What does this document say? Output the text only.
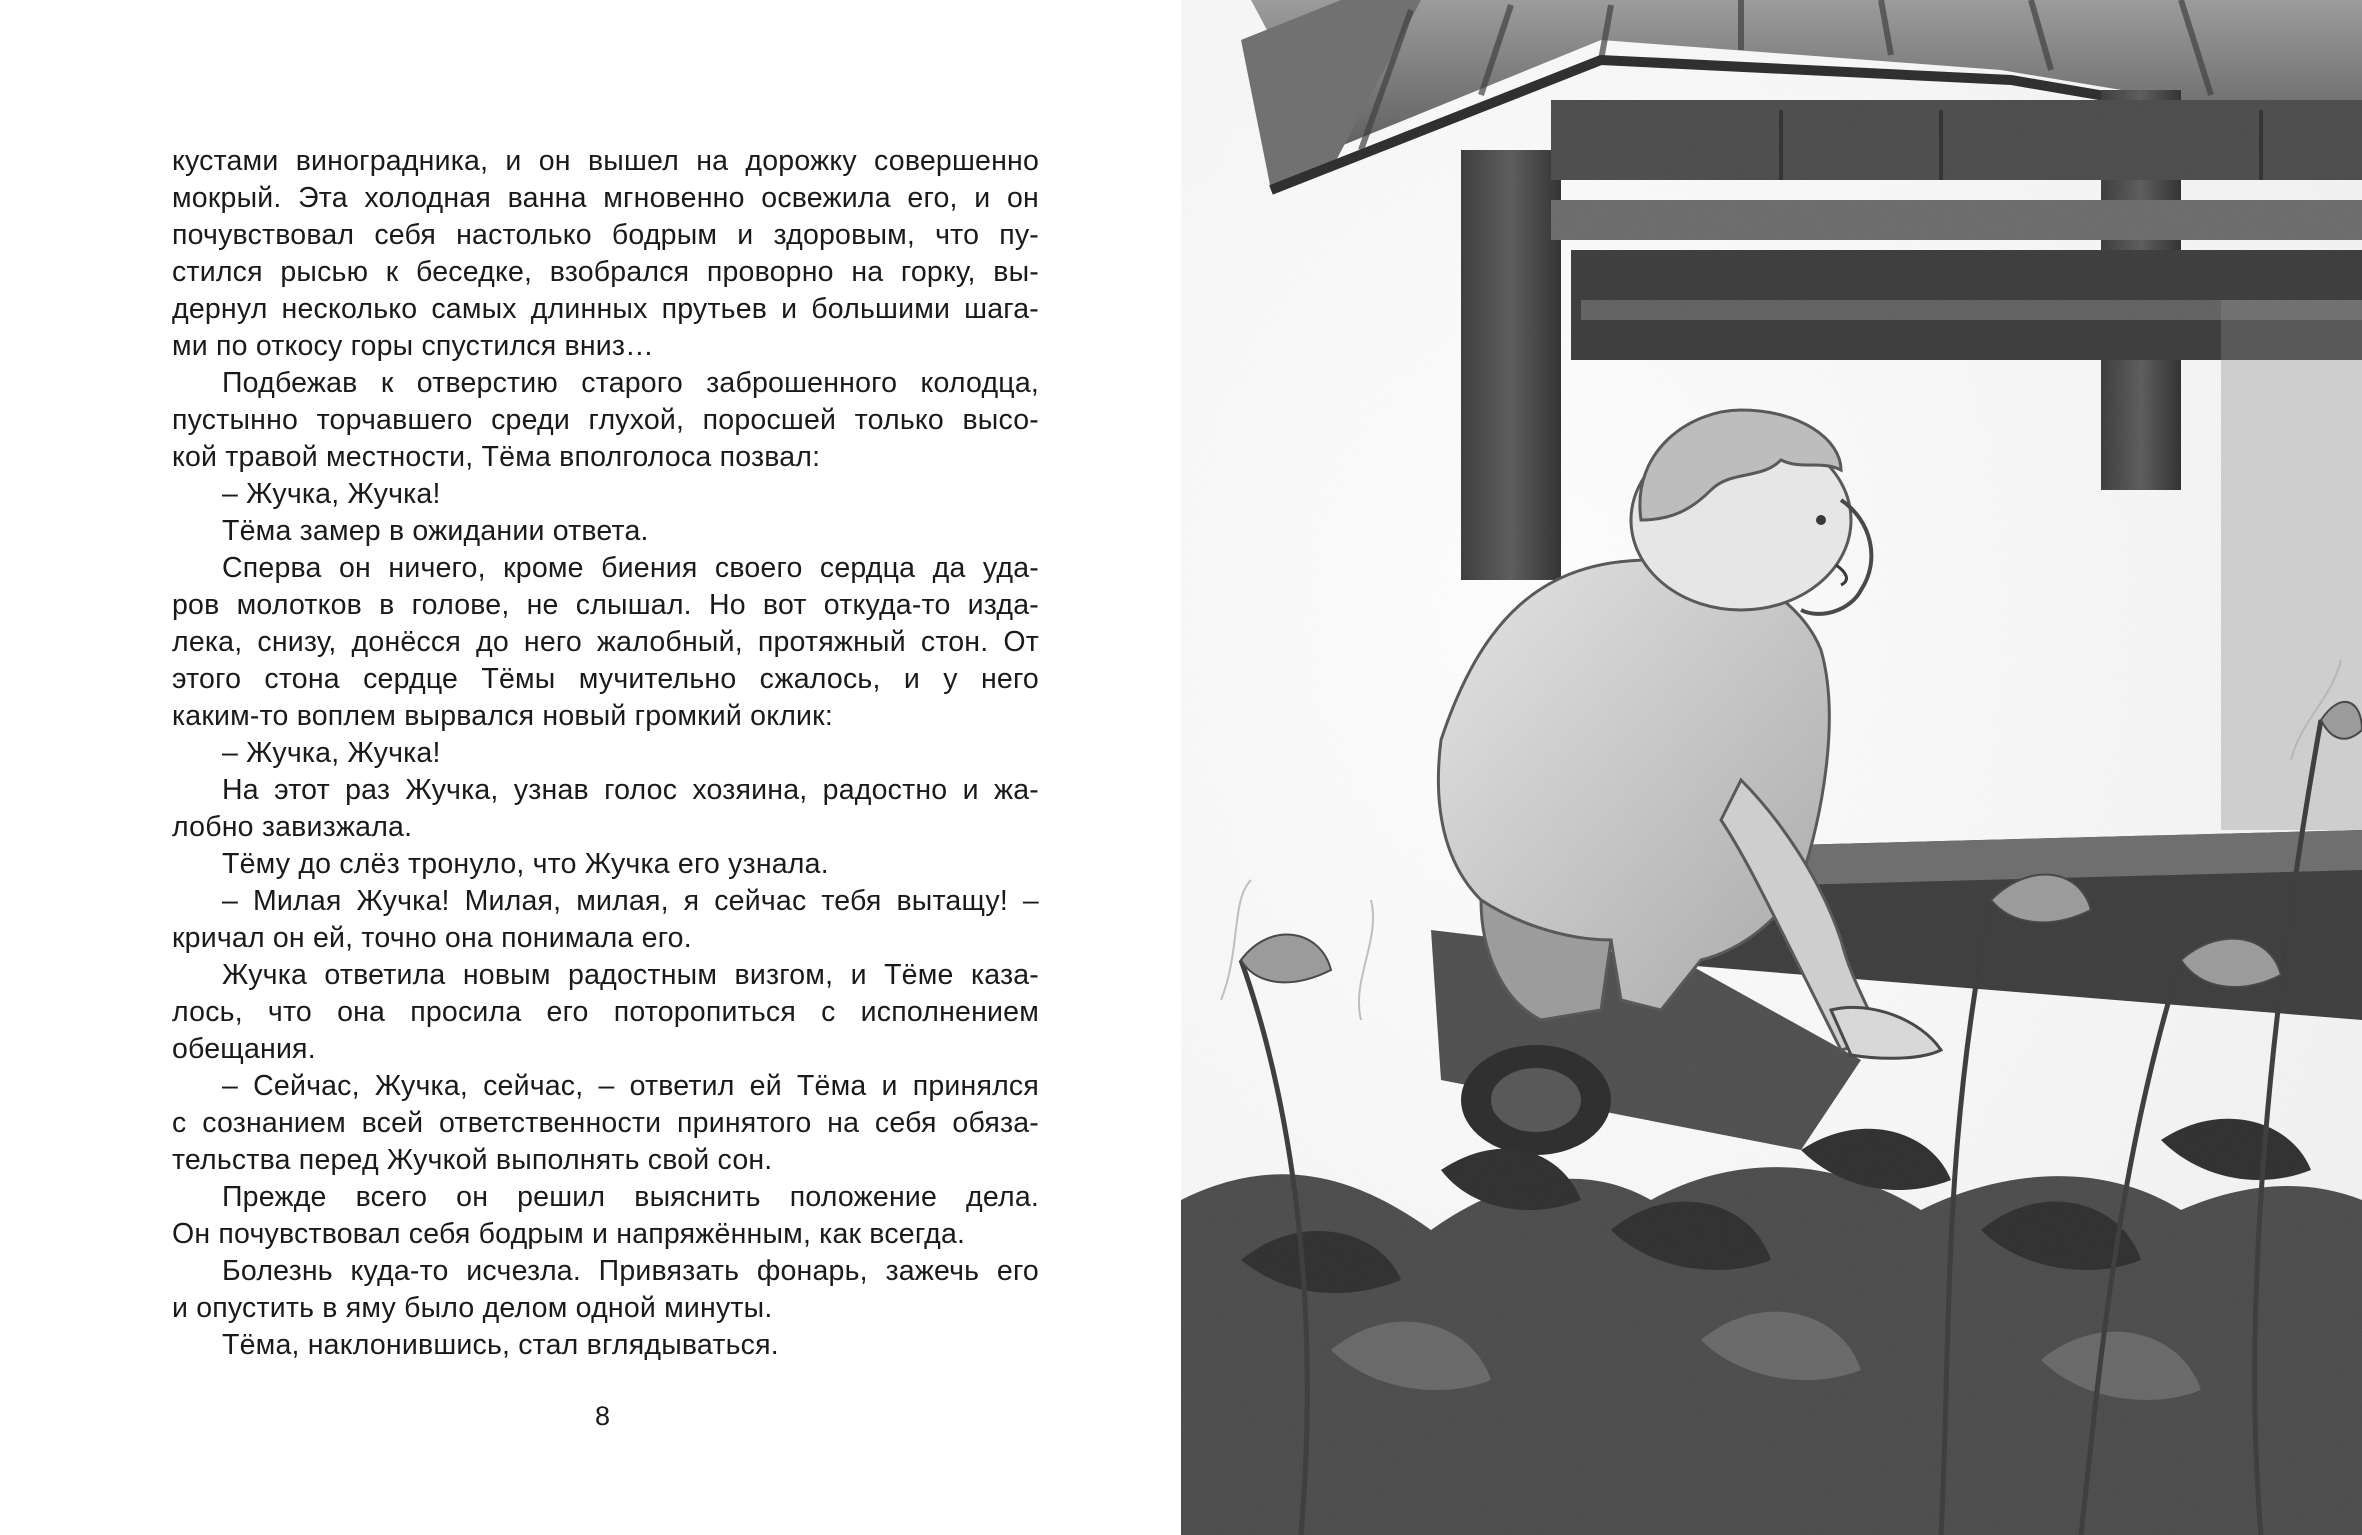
кустами виноградника, и он вышел на дорожку совершенно
мокрый. Эта холодная ванна мгновенно освежила его, и он
почувствовал себя настолько бодрым и здоровым, что пу-
стился рысью к беседке, взобрался проворно на горку, вы-
дернул несколько самых длинных прутьев и большими шага-
ми по откосу горы спустился вниз…
Подбежав к отверстию старого заброшенного колодца,
пустынно торчавшего среди глухой, поросшей только высо-
кой травой местности, Тёма вполголоса позвал:
– Жучка, Жучка!
Тёма замер в ожидании ответа.
Сперва он ничего, кроме биения своего сердца да уда-
ров молотков в голове, не слышал. Но вот откуда-то изда-
лека, снизу, донёсся до него жалобный, протяжный стон. От
этого стона сердце Тёмы мучительно сжалось, и у него
каким-то воплем вырвался новый громкий оклик:
– Жучка, Жучка!
На этот раз Жучка, узнав голос хозяина, радостно и жа-
лобно завизжала.
Тёму до слёз тронуло, что Жучка его узнала.
– Милая Жучка! Милая, милая, я сейчас тебя вытащу! –
кричал он ей, точно она понимала его.
Жучка ответила новым радостным визгом, и Тёме каза-
лось, что она просила его поторопиться с исполнением
обещания.
– Сейчас, Жучка, сейчас, – ответил ей Тёма и принялся
с сознанием всей ответственности принятого на себя обяза-
тельства перед Жучкой выполнять свой сон.
Прежде всего он решил выяснить положение дела.
Он почувствовал себя бодрым и напряжённым, как всегда.
Болезнь куда-то исчезла. Привязать фонарь, зажечь его
и опустить в яму было делом одной минуты.
Тёма, наклонившись, стал вглядываться.
8
